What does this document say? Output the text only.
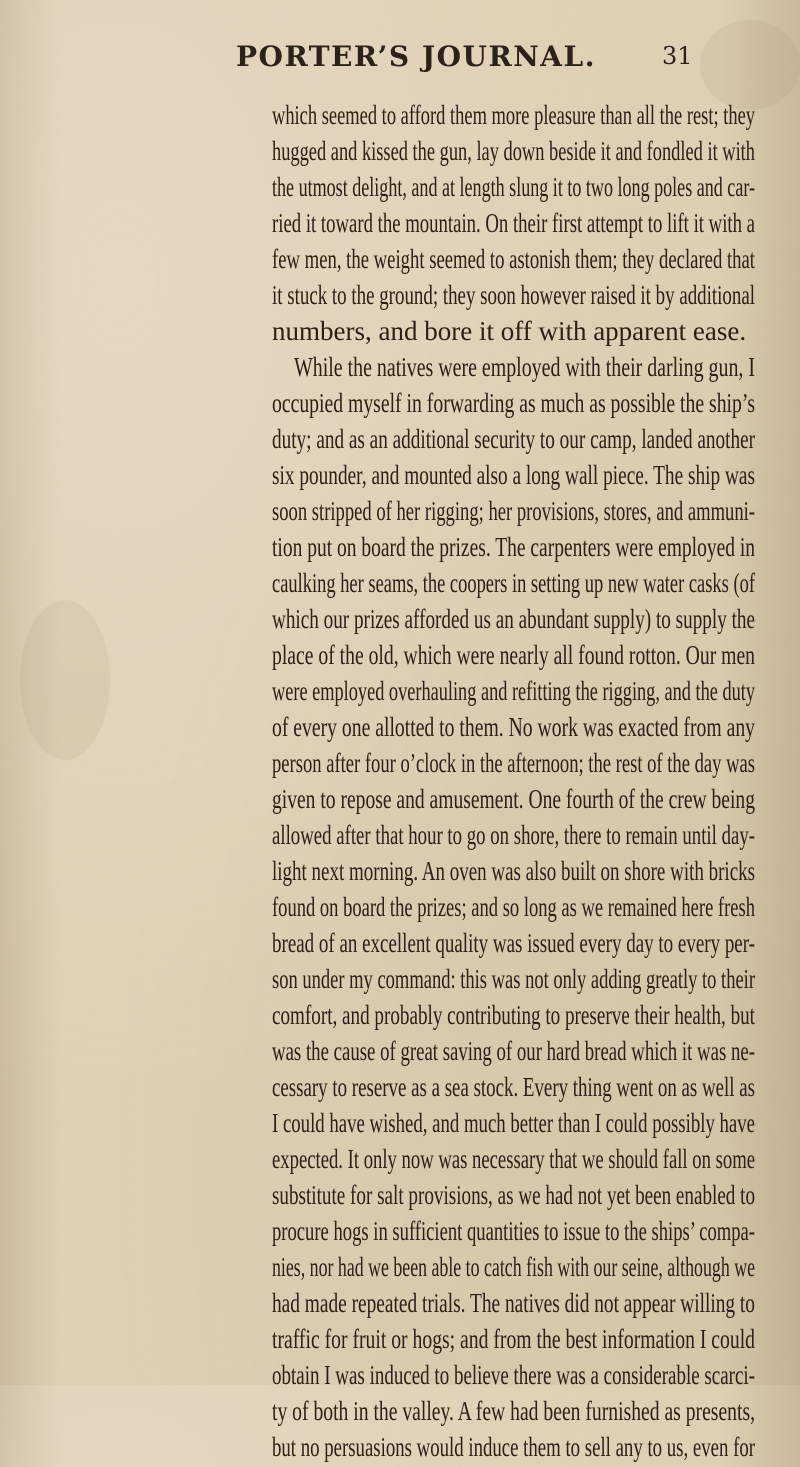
PORTER’S JOURNAL.	31
which seemed to afford them more pleasure than all the rest; they
hugged and kissed the gun, lay down beside it and fondled it with
the utmost delight, and at length slung it to two long poles and car-
ried it toward the mountain. On their first attempt to lift it with a
few men, the weight seemed to astonish them; they declared that
it stuck to the ground; they soon however raised it by additional
numbers, and bore it off with apparent ease.
While the natives were employed with their darling gun, I
occupied myself in forwarding as much as possible the ship’s
duty; and as an additional security to our camp, landed another
six pounder, and mounted also a long wall piece. The ship was
soon stripped of her rigging; her provisions, stores, and ammuni-
tion put on board the prizes. The carpenters were employed in
caulking her seams, the coopers in setting up new water casks (of
which our prizes afforded us an abundant supply) to supply the
place of the old, which were nearly all found rotton. Our men
were employed overhauling and refitting the rigging, and the duty
of every one allotted to them. No work was exacted from any
person after four o’clock in the afternoon; the rest of the day was
given to repose and amusement. One fourth of the crew being
allowed after that hour to go on shore, there to remain until day-
light next morning. An oven was also built on shore with bricks
found on board the prizes; and so long as we remained here fresh
bread of an excellent quality was issued every day to every per-
son under my command: this was not only adding greatly to their
comfort, and probably contributing to preserve their health, but
was the cause of great saving of our hard bread which it was ne-
cessary to reserve as a sea stock. Every thing went on as well as
I could have wished, and much better than I could possibly have
expected. It only now was necessary that we should fall on some
substitute for salt provisions, as we had not yet been enabled to
procure hogs in sufficient quantities to issue to the ships’ compa-
nies, nor had we been able to catch fish with our seine, although we
had made repeated trials. The natives did not appear willing to
traffic for fruit or hogs; and from the best information I could
obtain I was induced to believe there was a considerable scarci-
ty of both in the valley. A few had been furnished as presents,
but no persuasions would induce them to sell any to us, even for
